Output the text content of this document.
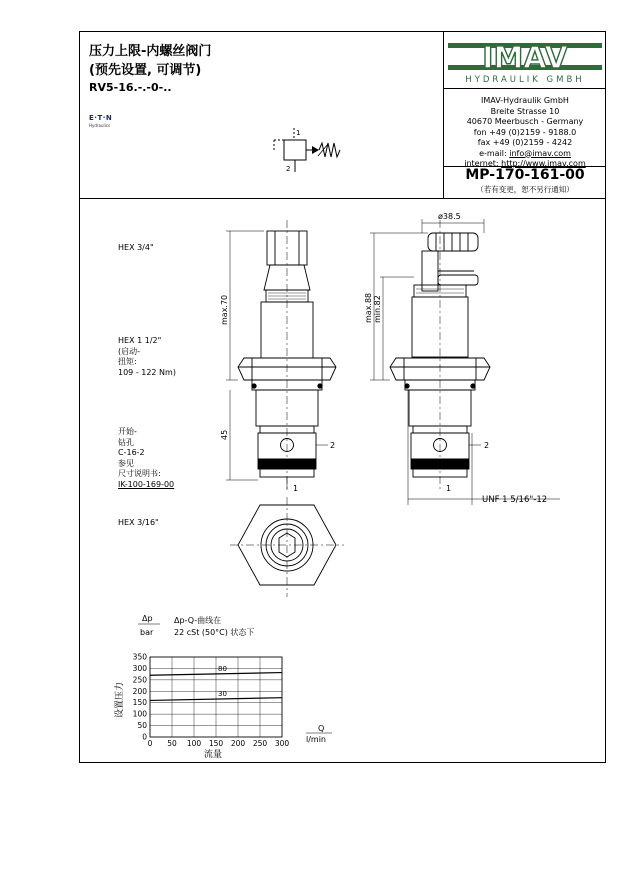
压力上限-内螺丝阀门
(预先设置, 可调节)
RV5-16.-.-0-..
E·T·N
Hydraulics
1
2
IMAV
HYDRAULIK GMBH
IMAV-Hydraulik GmbH
Breite Strasse 10
40670 Meerbusch - Germany
fon +49 (0)2159 - 9188.0
fax +49 (0)2159 - 4242
e-mail: info@imav.com
internet: http://www.imav.com
MP-170-161-00
（若有变更，恕不另行通知）
HEX 3/4"
HEX 1 1/2"
(启动-
扭矩:
109 - 122 Nm)
开始-
钻孔
C-16-2
参见
尺寸说明书:
IK-100-169-00
HEX 3/16"
max.70
45
max.88 min.82
ø38.5
UNF 1 5/16"-12
2
1
2
1
Δp
bar
Δp-Q-曲线在
22 cSt (50°C) 状态下
Q
l/min
流量
设置压力
0 50 100 150 200 250 300
0
50
100
150
200
250
300
350
80
30
